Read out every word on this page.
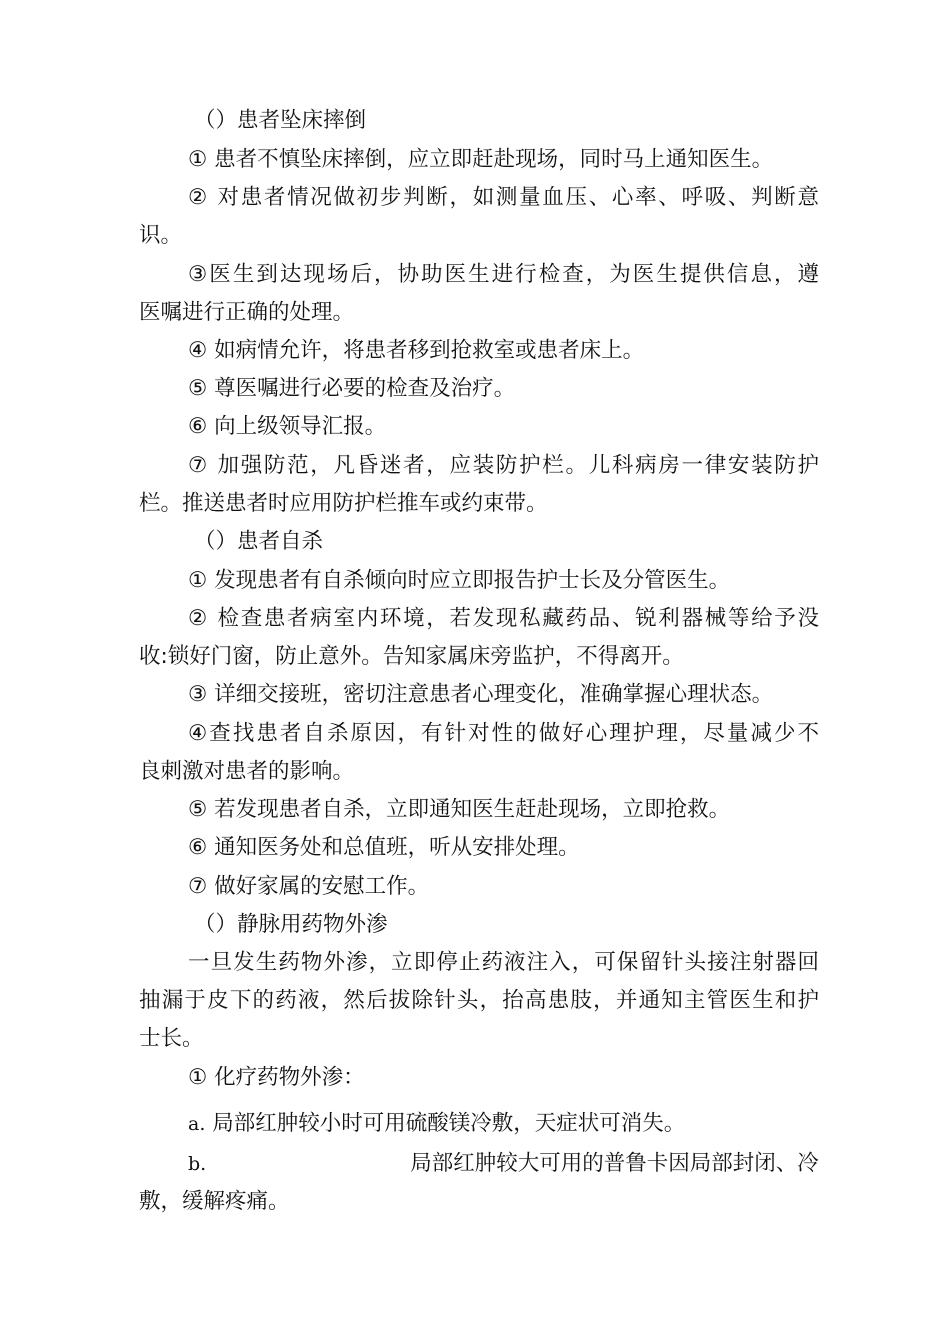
（）患者坠床摔倒
① 患者不慎坠床摔倒，应立即赶赴现场，同时马上通知医生。
② 对患者情况做初步判断，如测量血压、心率、呼吸、判断意
识。
③医生到达现场后，协助医生进行检查，为医生提供信息，遵
医嘱进行正确的处理。
④ 如病情允许，将患者移到抢救室或患者床上。
⑤ 尊医嘱进行必要的检查及治疗。
⑥ 向上级领导汇报。
⑦ 加强防范，凡昏迷者，应装防护栏。儿科病房一律安装防护
栏。推送患者时应用防护栏推车或约束带。
（）患者自杀
① 发现患者有自杀倾向时应立即报告护士长及分管医生。
② 检查患者病室内环境，若发现私藏药品、锐利器械等给予没
收:锁好门窗，防止意外。告知家属床旁监护，不得离开。
③ 详细交接班，密切注意患者心理变化，准确掌握心理状态。
④查找患者自杀原因，有针对性的做好心理护理，尽量减少不
良刺激对患者的影响。
⑤ 若发现患者自杀，立即通知医生赶赴现场，立即抢救。
⑥ 通知医务处和总值班，听从安排处理。
⑦ 做好家属的安慰工作。
（）静脉用药物外渗
一旦发生药物外渗，立即停止药液注入，可保留针头接注射器回
抽漏于皮下的药液，然后拔除针头，抬高患肢，并通知主管医生和护
士长。
① 化疗药物外渗：
a. 局部红肿较小时可用硫酸镁冷敷，天症状可消失。
b.	局部红肿较大可用的普鲁卡因局部封闭、冷
敷，缓解疼痛。
